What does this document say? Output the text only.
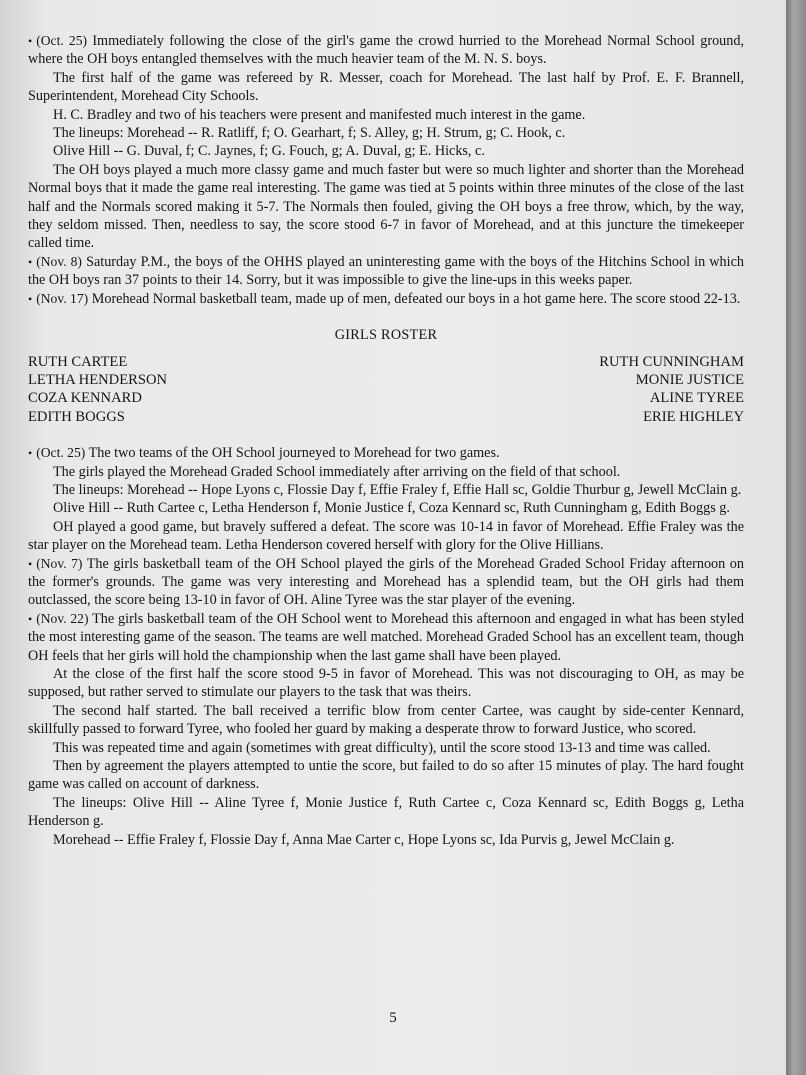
• (Oct. 25) Immediately following the close of the girl's game the crowd hurried to the Morehead Normal School ground, where the OH boys entangled themselves with the much heavier team of the M. N. S. boys.

The first half of the game was refereed by R. Messer, coach for Morehead. The last half by Prof. E. F. Brannell, Superintendent, Morehead City Schools.

H. C. Bradley and two of his teachers were present and manifested much interest in the game.

The lineups: Morehead -- R. Ratliff, f; O. Gearhart, f; S. Alley, g; H. Strum, g; C. Hook, c.

Olive Hill -- G. Duval, f; C. Jaynes, f; G. Fouch, g; A. Duval, g; E. Hicks, c.

The OH boys played a much more classy game and much faster but were so much lighter and shorter than the Morehead Normal boys that it made the game real interesting. The game was tied at 5 points within three minutes of the close of the last half and the Normals scored making it 5-7. The Normals then fouled, giving the OH boys a free throw, which, by the way, they seldom missed. Then, needless to say, the score stood 6-7 in favor of Morehead, and at this juncture the timekeeper called time.

• (Nov. 8) Saturday P.M., the boys of the OHHS played an uninteresting game with the boys of the Hitchins School in which the OH boys ran 37 points to their 14. Sorry, but it was impossible to give the line-ups in this weeks paper.

• (Nov. 17) Morehead Normal basketball team, made up of men, defeated our boys in a hot game here. The score stood 22-13.

GIRLS ROSTER
RUTH CARTEE
LETHA HENDERSON
COZA KENNARD
EDITH BOGGS
RUTH CUNNINGHAM
MONIE JUSTICE
ALINE TYREE
ERIE HIGHLEY

• (Oct. 25) The two teams of the OH School journeyed to Morehead for two games.

The girls played the Morehead Graded School immediately after arriving on the field of that school.

The lineups: Morehead -- Hope Lyons c, Flossie Day f, Effie Fraley f, Effie Hall sc, Goldie Thurbur g, Jewell McClain g.

Olive Hill -- Ruth Cartee c, Letha Henderson f, Monie Justice f, Coza Kennard sc, Ruth Cunningham g, Edith Boggs g.

OH played a good game, but bravely suffered a defeat. The score was 10-14 in favor of Morehead. Effie Fraley was the star player on the Morehead team. Letha Henderson covered herself with glory for the Olive Hillians.

• (Nov. 7) The girls basketball team of the OH School played the girls of the Morehead Graded School Friday afternoon on the former's grounds. The game was very interesting and Morehead has a splendid team, but the OH girls had them outclassed, the score being 13-10 in favor of OH. Aline Tyree was the star player of the evening.

• (Nov. 22) The girls basketball team of the OH School went to Morehead this afternoon and engaged in what has been styled the most interesting game of the season. The teams are well matched. Morehead Graded School has an excellent team, though OH feels that her girls will hold the championship when the last game shall have been played.

At the close of the first half the score stood 9-5 in favor of Morehead. This was not discouraging to OH, as may be supposed, but rather served to stimulate our players to the task that was theirs.

The second half started. The ball received a terrific blow from center Cartee, was caught by side-center Kennard, skillfully passed to forward Tyree, who fooled her guard by making a desperate throw to forward Justice, who scored.

This was repeated time and again (sometimes with great difficulty), until the score stood 13-13 and time was called.

Then by agreement the players attempted to untie the score, but failed to do so after 15 minutes of play. The hard fought game was called on account of darkness.

The lineups: Olive Hill -- Aline Tyree f, Monie Justice f, Ruth Cartee c, Coza Kennard sc, Edith Boggs g, Letha Henderson g.

Morehead -- Effie Fraley f, Flossie Day f, Anna Mae Carter c, Hope Lyons sc, Ida Purvis g, Jewel McClain g.

5
